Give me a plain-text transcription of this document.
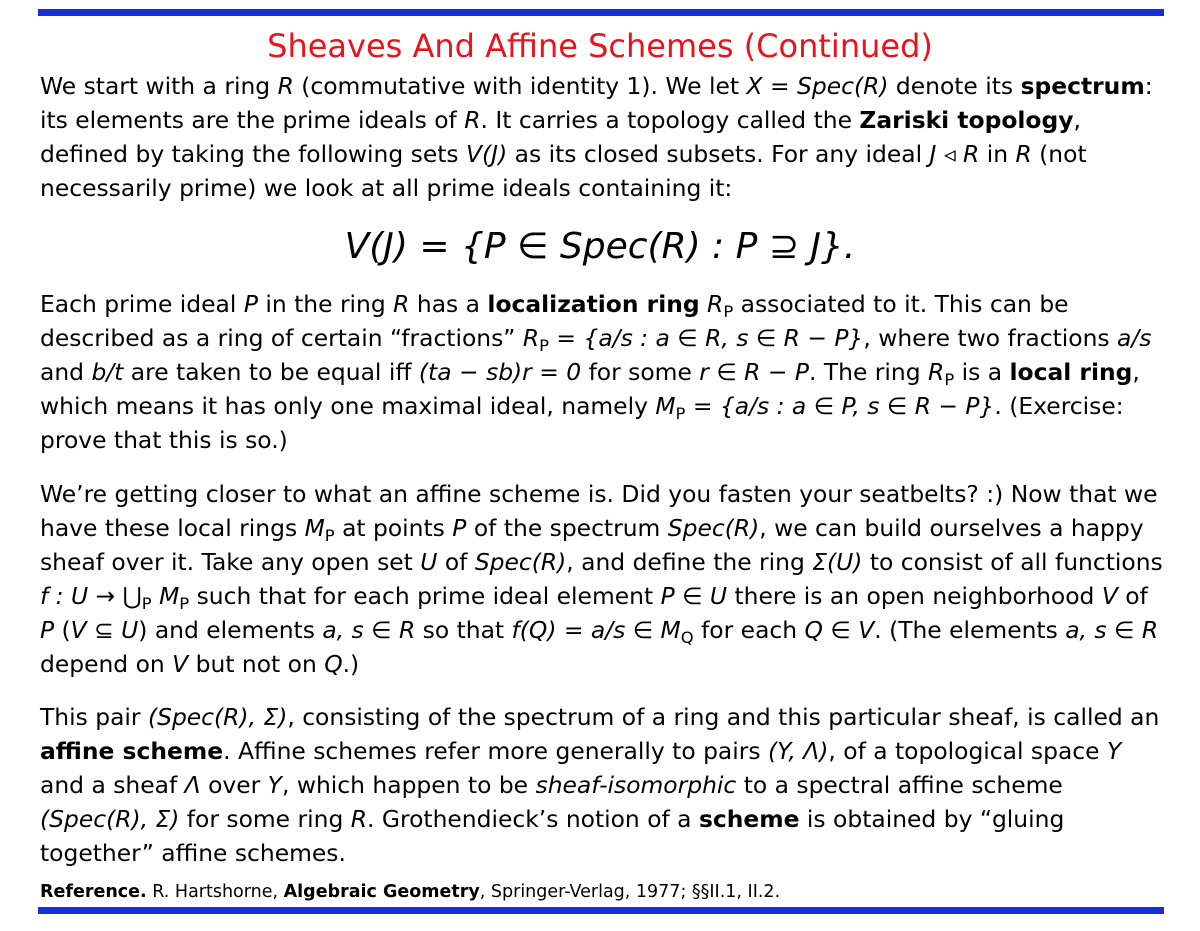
Sheaves And Affine Schemes (Continued)

We start with a ring R (commutative with identity 1). We let X = Spec(R) denote its spectrum: its elements are the prime ideals of R. It carries a topology called the Zariski topology, defined by taking the following sets V(J) as its closed subsets. For any ideal J ◃ R in R (not necessarily prime) we look at all prime ideals containing it:

V(J) = {P ∈ Spec(R) : P ⊇ J}.

Each prime ideal P in the ring R has a localization ring $R_P$ associated to it. This can be described as a ring of certain “fractions” $R_P = \{a/s$ : a ∈ R, s ∈ R − P}, where two fractions a/s and b/t are taken to be equal iff (ta − sb)r = 0 for some r ∈ R − P. The ring $R_P$ is a local ring, which means it has only one maximal ideal, namely $M_P = \{a/s$ : a ∈ P, s ∈ R − P}. (Exercise: prove that this is so.)

We’re getting closer to what an affine scheme is. Did you fasten your seatbelts? :) Now that we have these local rings $M_P$ at points P of the spectrum Spec(R), we can build ourselves a happy sheaf over it. Take any open set U of Spec(R), and define the ring Σ(U) to consist of all functions f : $U \to ⋃_P$ $M_P$ such that for each prime ideal element P ∈ U there is an open neighborhood V of P (V ⊆ U) and elements a, s ∈ R so that f(Q) = a/s ∈ $M_Q$ for each Q ∈ V. (The elements a, s ∈ R depend on V but not on Q.)

This pair (Spec(R), Σ), consisting of the spectrum of a ring and this particular sheaf, is called an affine scheme. Affine schemes refer more generally to pairs (Y, Λ), of a topological space Y and a sheaf Λ over Y, which happen to be sheaf-isomorphic to a spectral affine scheme (Spec(R), Σ) for some ring R. Grothendieck’s notion of a scheme is obtained by “gluing together” affine schemes.

Reference. R. Hartshorne, Algebraic Geometry, Springer-Verlag, 1977; §§II.1, II.2.
